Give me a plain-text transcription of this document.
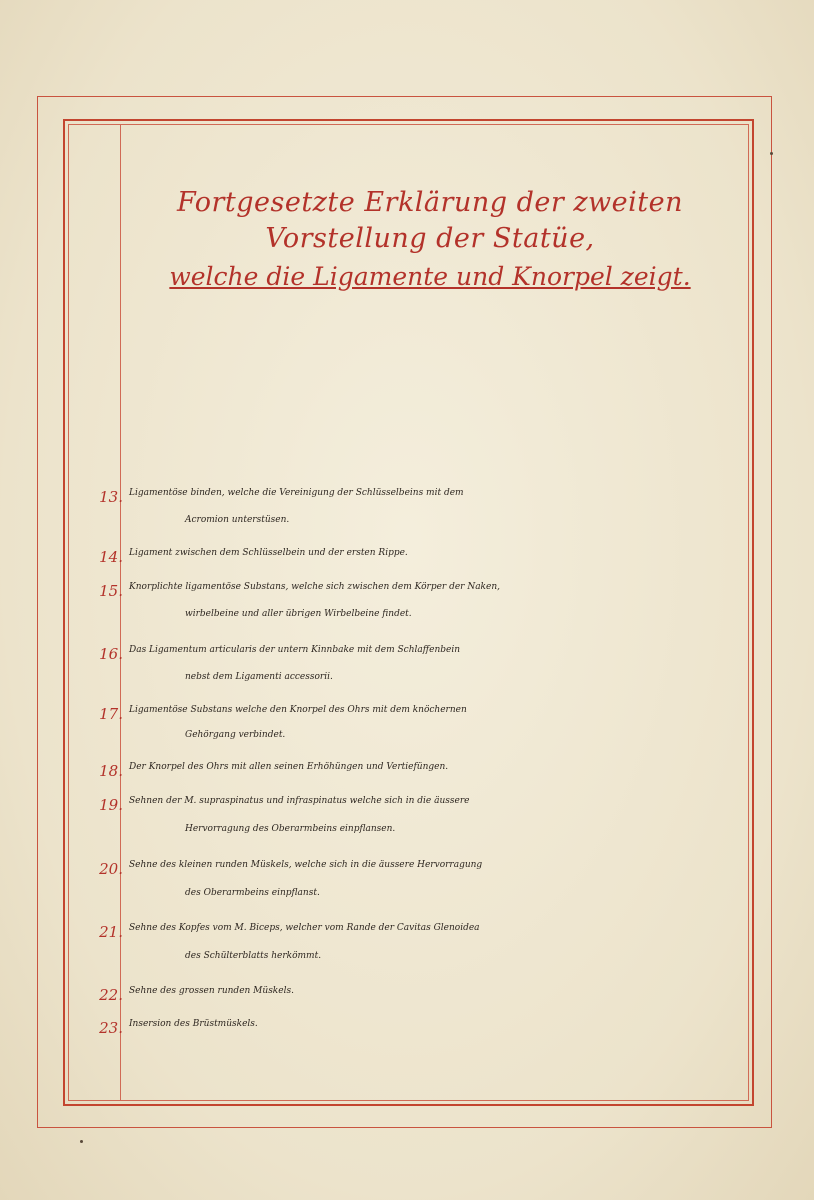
Fortgesetzte Erklärung der zweiten Vorstellung der Statüe,
welche die Ligamente und Knorpel zeigt.
13. Ligamentöse binden, welche die Vereinigung der Schlüsselbeins mit dem
Acromion unterstüsen.
14. Ligament zwischen dem Schlüsselbein und der ersten Rippe.
15. Knorplichte ligamentöse Substans, welche sich zwischen dem Körper der Naken,
wirbelbeine und aller übrigen Wirbelbeine findet.
16. Das Ligamentum articularis der untern Kinnbake mit dem Schlaffenbein
nebst dem Ligamenti accessorii.
17. Ligamentöse Substans welche den Knorpel des Ohrs mit dem knöchernen
Gehörgang verbindet.
18. Der Knorpel des Ohrs mit allen seinen Erhöhüngen und Vertiefüngen.
19. Sehnen der M. supraspinatus und infraspinatus welche sich in die äussere
Hervorragung des Oberarmbeins einpflansen.
20. Sehne des kleinen runden Müskels, welche sich in die äussere Hervorragung
des Oberarmbeins einpflanst.
21. Sehne des Kopfes vom M. Biceps, welcher vom Rande der Cavitas Glenoidea
des Schülterblatts herkömmt.
22. Sehne des grossen runden Müskels.
23. Insersion des Brüstmüskels.
